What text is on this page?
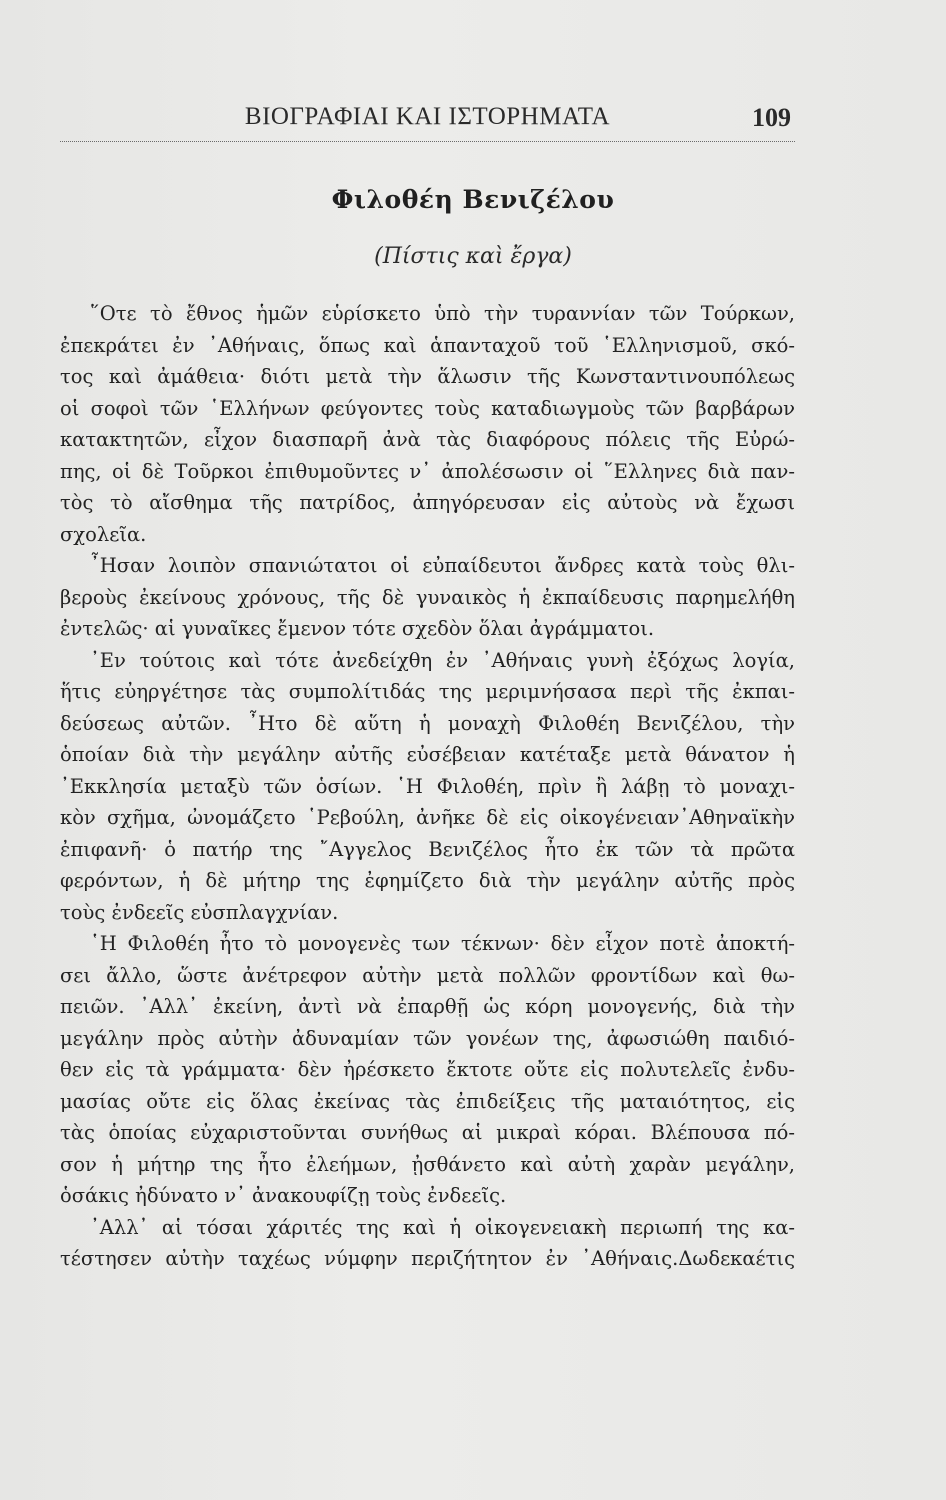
ΒΙΟΓΡΑΦΙΑΙ ΚΑΙ ΙΣΤΟΡΗΜΑΤΑ	109
Φιλοθέη Βενιζέλου
(Πίστις καὶ ἔργα)
῞Οτε τὸ ἔθνος ἡμῶν εὑρίσκετο ὑπὸ τὴν τυραννίαν τῶν Τούρκων,
ἐπεκράτει ἐν ᾿Αθήναις, ὅπως καὶ ἁπανταχοῦ τοῦ ῾Ελληνισμοῦ, σκό-
τος καὶ ἀμάθεια· διότι μετὰ τὴν ἅλωσιν τῆς Κωνσταντινουπόλεως
οἱ σοφοὶ τῶν ῾Ελλήνων φεύγοντες τοὺς καταδιωγμοὺς τῶν βαρβάρων
κατακτητῶν, εἶχον διασπαρῆ ἀνὰ τὰς διαφόρους πόλεις τῆς Εὐρώ-
πης, οἱ δὲ Τοῦρκοι ἐπιθυμοῦντες ν᾿ ἀπολέσωσιν οἱ ῞Ελληνες διὰ παν-
τὸς τὸ αἴσθημα τῆς πατρίδος, ἀπηγόρευσαν εἰς αὐτοὺς νὰ ἔχωσι
σχολεῖα.
῏Ησαν λοιπὸν σπανιώτατοι οἱ εὐπαίδευτοι ἄνδρες κατὰ τοὺς θλι-
βεροὺς ἐκείνους χρόνους, τῆς δὲ γυναικὸς ἡ ἐκπαίδευσις παρημελήθη
ἐντελῶς· αἱ γυναῖκες ἔμενον τότε σχεδὸν ὅλαι ἀγράμματοι.
᾿Εν τούτοις καὶ τότε ἀνεδείχθη ἐν ᾿Αθήναις γυνὴ ἐξόχως λογία,
ἥτις εὐηργέτησε τὰς συμπολίτιδάς της μεριμνήσασα περὶ τῆς ἐκπαι-
δεύσεως αὐτῶν. ῏Ητο δὲ αὕτη ἡ μοναχὴ Φιλοθέη Βενιζέλου, τὴν
ὁποίαν διὰ τὴν μεγάλην αὐτῆς εὐσέβειαν κατέταξε μετὰ θάνατον ἡ
᾿Εκκλησία μεταξὺ τῶν ὁσίων. ῾Η Φιλοθέη, πρὶν ἢ λάβῃ τὸ μοναχι-
κὸν σχῆμα, ὠνομάζετο ῾Ρεβούλη, ἀνῆκε δὲ εἰς οἰκογένειαν᾿Αθηναϊκὴν
ἐπιφανῆ· ὁ πατήρ της ῎Αγγελος Βενιζέλος ἦτο ἐκ τῶν τὰ πρῶτα
φερόντων, ἡ δὲ μήτηρ της ἐφημίζετο διὰ τὴν μεγάλην αὐτῆς πρὸς
τοὺς ἐνδεεῖς εὐσπλαγχνίαν.
῾Η Φιλοθέη ἦτο τὸ μονογενὲς των τέκνων· δὲν εἶχον ποτὲ ἀποκτή-
σει ἄλλο, ὥστε ἀνέτρεφον αὐτὴν μετὰ πολλῶν φροντίδων καὶ θω-
πειῶν. ᾿Αλλ᾿ ἐκείνη, ἀντὶ νὰ ἐπαρθῇ ὡς κόρη μονογενής, διὰ τὴν
μεγάλην πρὸς αὐτὴν ἀδυναμίαν τῶν γονέων της, ἀφωσιώθη παιδιό-
θεν εἰς τὰ γράμματα· δὲν ἠρέσκετο ἔκτοτε οὔτε εἰς πολυτελεῖς ἐνδυ-
μασίας οὔτε εἰς ὅλας ἐκείνας τὰς ἐπιδείξεις τῆς ματαιότητος, εἰς
τὰς ὁποίας εὐχαριστοῦνται συνήθως αἱ μικραὶ κόραι. Βλέπουσα πό-
σον ἡ μήτηρ της ἦτο ἐλεήμων, ᾐσθάνετο καὶ αὐτὴ χαρὰν μεγάλην,
ὁσάκις ἠδύνατο ν᾿ ἀνακουφίζῃ τοὺς ἐνδεεῖς.
᾿Αλλ᾿ αἱ τόσαι χάριτές της καὶ ἡ οἰκογενειακὴ περιωπή της κα-
τέστησεν αὐτὴν ταχέως νύμφην περιζήτητον ἐν ᾿Αθήναις.Δωδεκαέτις
